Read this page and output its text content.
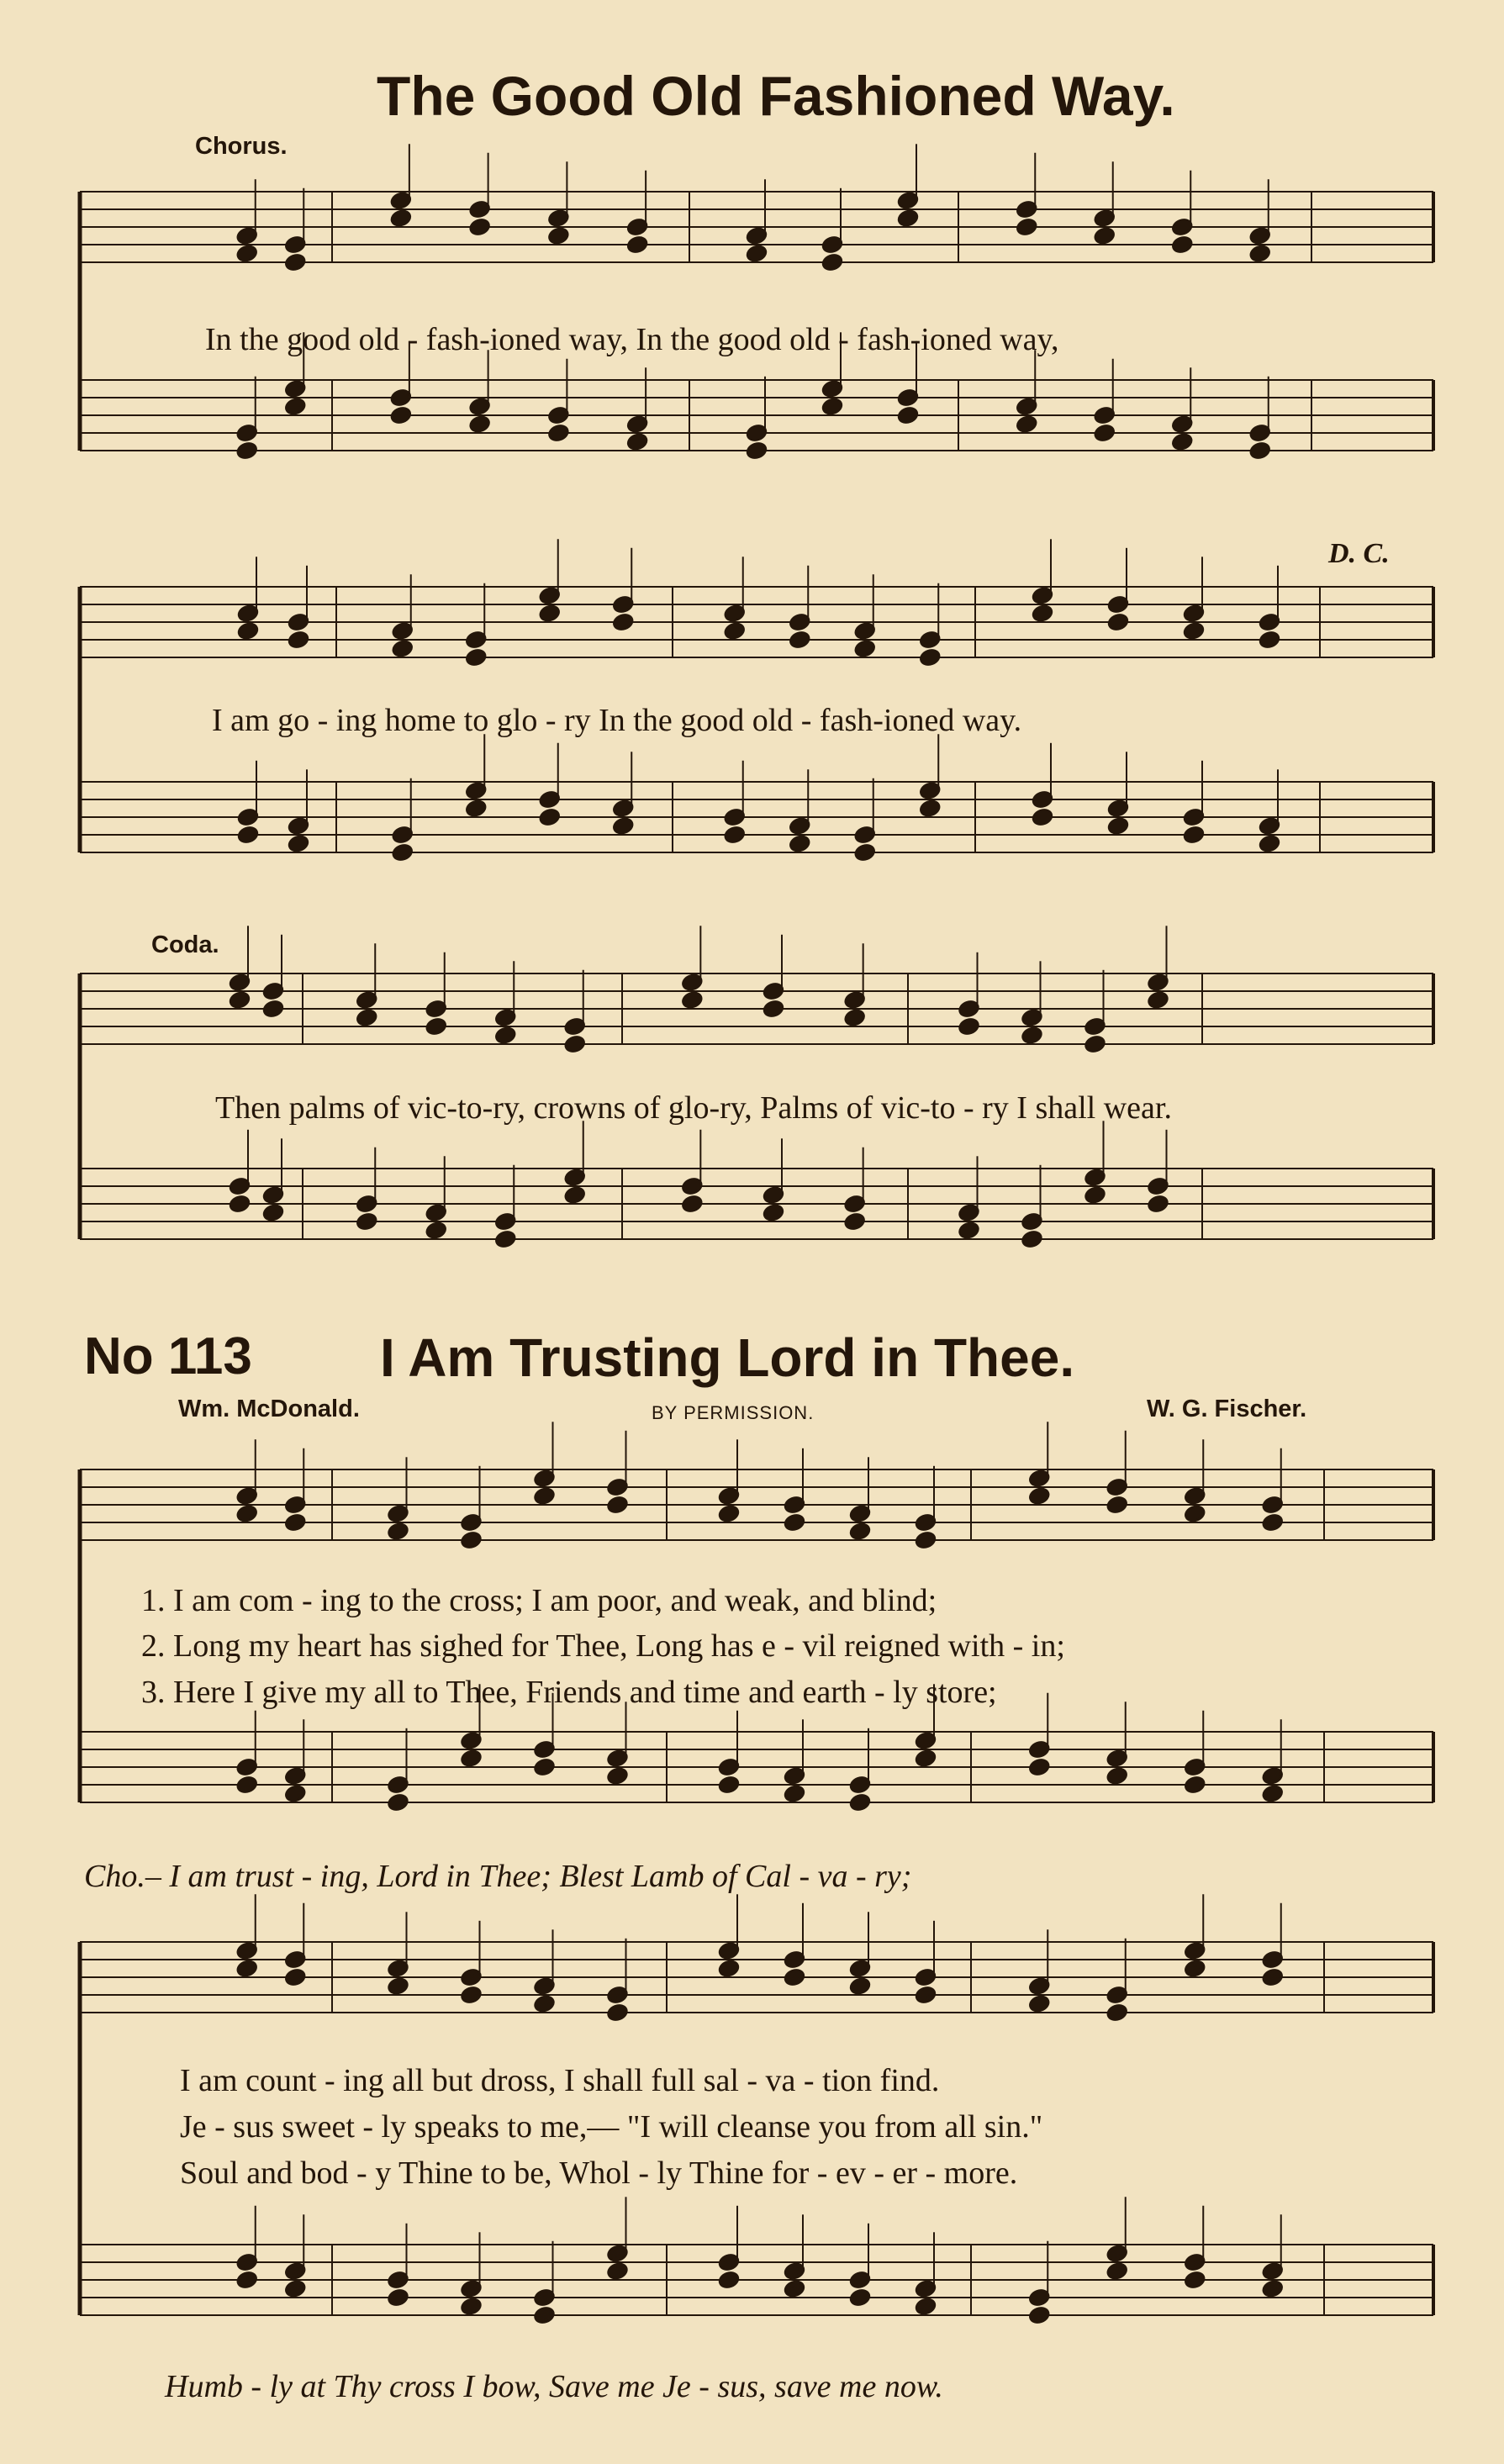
The Good Old Fashioned Way.
Chorus.
In the good old - fash-ioned way, In the good old - fash-ioned way,
D. C.
I am go - ing home to glo - ry In the good old - fash-ioned way.
Coda.
Then palms of vic-to-ry, crowns of glo-ry, Palms of vic-to - ry I shall wear.
No 113 I Am Trusting Lord in Thee.
Wm. McDonald.	BY PERMISSION.	W. G. Fischer.
1. I am com - ing to the cross; I am poor, and weak, and blind;
2. Long my heart has sighed for Thee, Long has e - vil reigned with - in;
3. Here I give my all to Thee, Friends and time and earth - ly store;
Cho.– I am trust - ing, Lord in Thee; Blest Lamb of Cal - va - ry;
I am count - ing all but dross, I shall full sal - va - tion find.
Je - sus sweet - ly speaks to me,— "I will cleanse you from all sin."
Soul and bod - y Thine to be, Whol - ly Thine for - ev - er - more.
Humb - ly at Thy cross I bow, Save me Je - sus, save me now.
